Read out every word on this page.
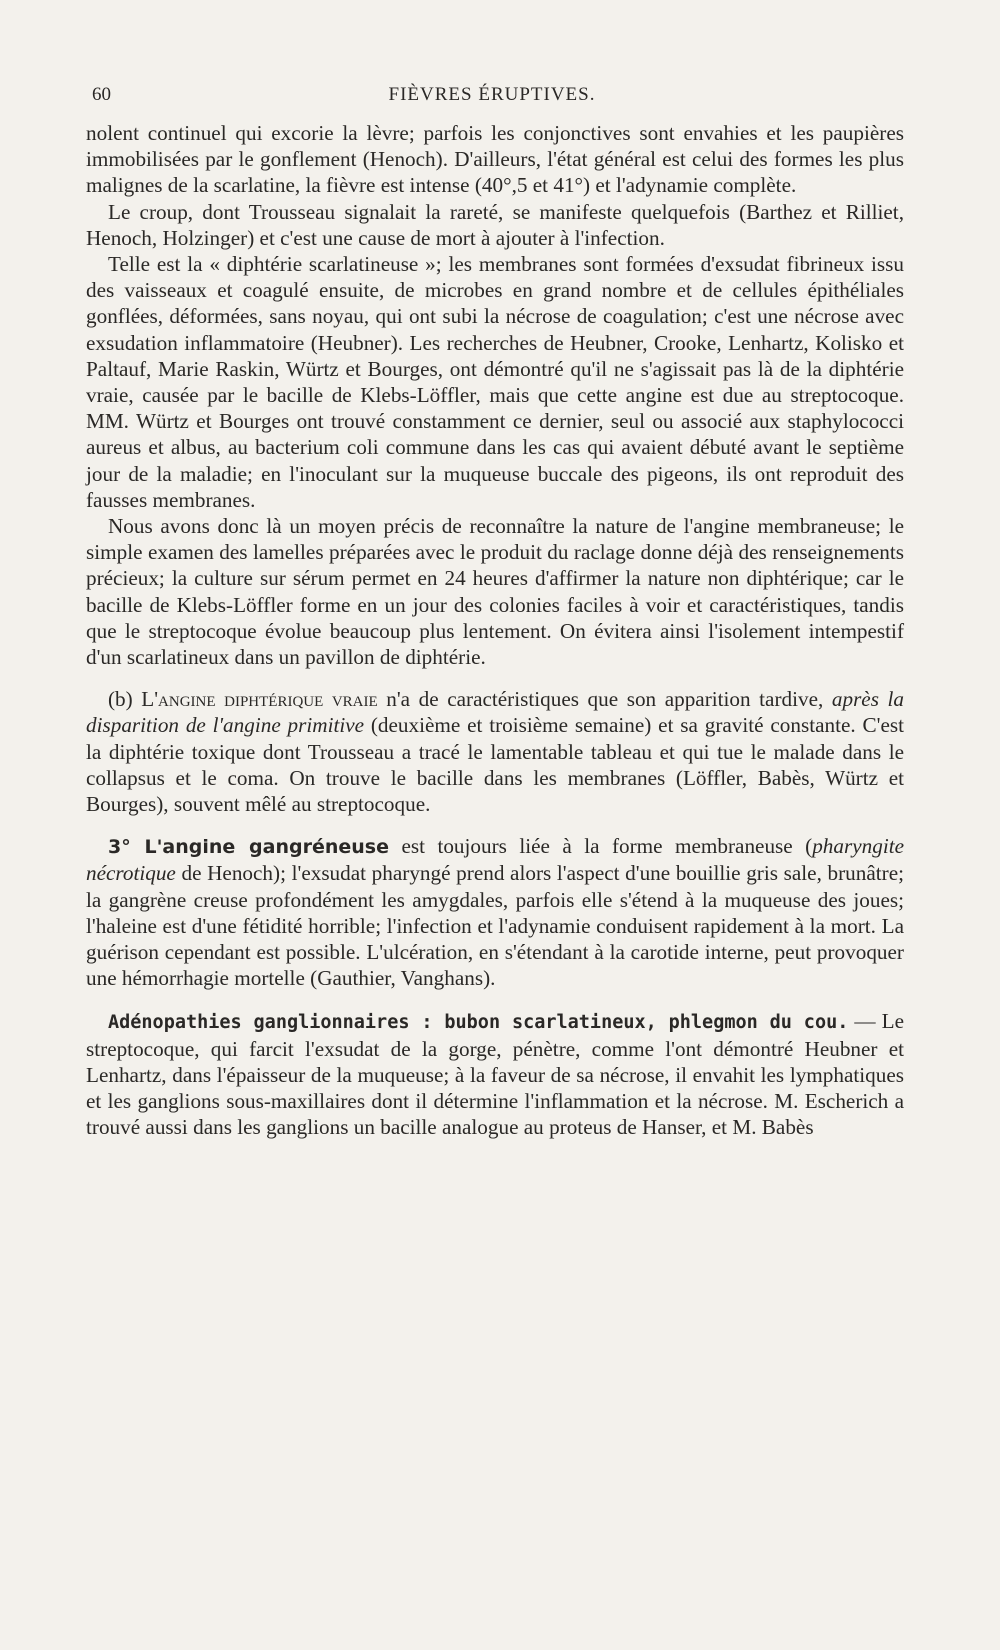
60	FIÈVRES ÉRUPTIVES.

nolent continuel qui excorie la lèvre; parfois les conjonctives sont envahies et les paupières immobilisées par le gonflement (Henoch). D'ailleurs, l'état général est celui des formes les plus malignes de la scarlatine, la fièvre est intense (40°,5 et 41°) et l'adynamie complète.

Le croup, dont Trousseau signalait la rareté, se manifeste quelquefois (Barthez et Rilliet, Henoch, Holzinger) et c'est une cause de mort à ajouter à l'infection.

Telle est la « diphtérie scarlatineuse »; les membranes sont formées d'exsudat fibrineux issu des vaisseaux et coagulé ensuite, de microbes en grand nombre et de cellules épithéliales gonflées, déformées, sans noyau, qui ont subi la nécrose de coagulation; c'est une nécrose avec exsudation inflammatoire (Heubner). Les recherches de Heubner, Crooke, Lenhartz, Kolisko et Paltauf, Marie Raskin, Würtz et Bourges, ont démontré qu'il ne s'agissait pas là de la diphtérie vraie, causée par le bacille de Klebs-Löffler, mais que cette angine est due au streptocoque. MM. Würtz et Bourges ont trouvé constamment ce dernier, seul ou associé aux staphylococci aureus et albus, au bacterium coli commune dans les cas qui avaient débuté avant le septième jour de la maladie; en l'inoculant sur la muqueuse buccale des pigeons, ils ont reproduit des fausses membranes.

Nous avons donc là un moyen précis de reconnaître la nature de l'angine membraneuse; le simple examen des lamelles préparées avec le produit du raclage donne déjà des renseignements précieux; la culture sur sérum permet en 24 heures d'affirmer la nature non diphtérique; car le bacille de Klebs-Löffler forme en un jour des colonies faciles à voir et caractéristiques, tandis que le streptocoque évolue beaucoup plus lentement. On évitera ainsi l'isolement intempestif d'un scarlatineux dans un pavillon de diphtérie.

(b) L'angine diphtérique vraie n'a de caractéristiques que son apparition tardive, après la disparition de l'angine primitive (deuxième et troisième semaine) et sa gravité constante. C'est la diphtérie toxique dont Trousseau a tracé le lamentable tableau et qui tue le malade dans le collapsus et le coma. On trouve le bacille dans les membranes (Löffler, Babès, Würtz et Bourges), souvent mêlé au streptocoque.

3° L'angine gangréneuse est toujours liée à la forme membraneuse (pharyngite nécrotique de Henoch); l'exsudat pharyngé prend alors l'aspect d'une bouillie gris sale, brunâtre; la gangrène creuse profondément les amygdales, parfois elle s'étend à la muqueuse des joues; l'haleine est d'une fétidité horrible; l'infection et l'adynamie conduisent rapidement à la mort. La guérison cependant est possible. L'ulcération, en s'étendant à la carotide interne, peut provoquer une hémorrhagie mortelle (Gauthier, Vanghans).

Adénopathies ganglionnaires : bubon scarlatineux, phlegmon du cou. — Le streptocoque, qui farcit l'exsudat de la gorge, pénètre, comme l'ont démontré Heubner et Lenhartz, dans l'épaisseur de la muqueuse; à la faveur de sa nécrose, il envahit les lymphatiques et les ganglions sous-maxillaires dont il détermine l'inflammation et la nécrose. M. Escherich a trouvé aussi dans les ganglions un bacille analogue au proteus de Hanser, et M. Babès
